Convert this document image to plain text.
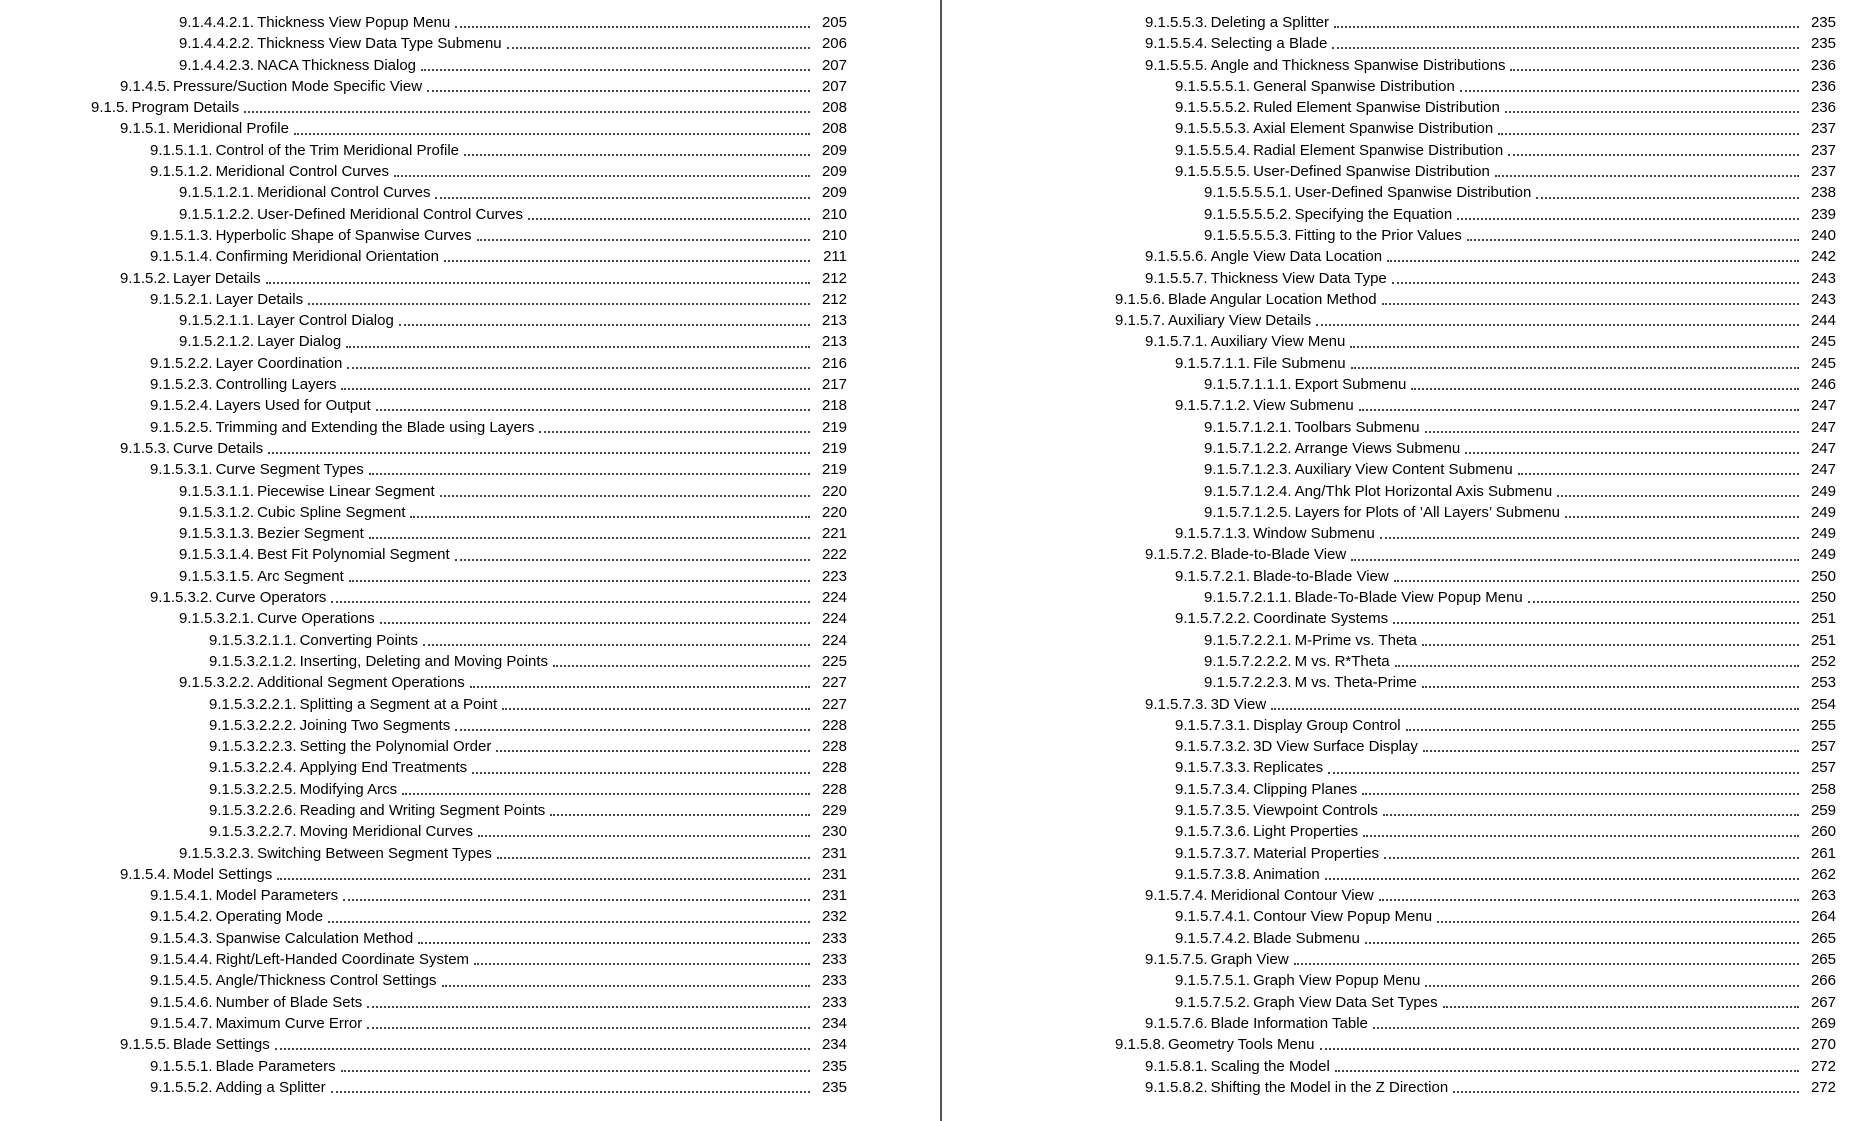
9.1.4.4.2.1. Thickness View Popup Menu	205
9.1.4.4.2.2. Thickness View Data Type Submenu	206
9.1.4.4.2.3. NACA Thickness Dialog	207
9.1.4.5. Pressure/Suction Mode Specific View	207
9.1.5. Program Details	208
9.1.5.1. Meridional Profile	208
9.1.5.1.1. Control of the Trim Meridional Profile	209
9.1.5.1.2. Meridional Control Curves	209
9.1.5.1.2.1. Meridional Control Curves	209
9.1.5.1.2.2. User-Defined Meridional Control Curves	210
9.1.5.1.3. Hyperbolic Shape of Spanwise Curves	210
9.1.5.1.4. Confirming Meridional Orientation	211
9.1.5.2. Layer Details	212
9.1.5.2.1. Layer Details	212
9.1.5.2.1.1. Layer Control Dialog	213
9.1.5.2.1.2. Layer Dialog	213
9.1.5.2.2. Layer Coordination	216
9.1.5.2.3. Controlling Layers	217
9.1.5.2.4. Layers Used for Output	218
9.1.5.2.5. Trimming and Extending the Blade using Layers	219
9.1.5.3. Curve Details	219
9.1.5.3.1. Curve Segment Types	219
9.1.5.3.1.1. Piecewise Linear Segment	220
9.1.5.3.1.2. Cubic Spline Segment	220
9.1.5.3.1.3. Bezier Segment	221
9.1.5.3.1.4. Best Fit Polynomial Segment	222
9.1.5.3.1.5. Arc Segment	223
9.1.5.3.2. Curve Operators	224
9.1.5.3.2.1. Curve Operations	224
9.1.5.3.2.1.1. Converting Points	224
9.1.5.3.2.1.2. Inserting, Deleting and Moving Points	225
9.1.5.3.2.2. Additional Segment Operations	227
9.1.5.3.2.2.1. Splitting a Segment at a Point	227
9.1.5.3.2.2.2. Joining Two Segments	228
9.1.5.3.2.2.3. Setting the Polynomial Order	228
9.1.5.3.2.2.4. Applying End Treatments	228
9.1.5.3.2.2.5. Modifying Arcs	228
9.1.5.3.2.2.6. Reading and Writing Segment Points	229
9.1.5.3.2.2.7. Moving Meridional Curves	230
9.1.5.3.2.3. Switching Between Segment Types	231
9.1.5.4. Model Settings	231
9.1.5.4.1. Model Parameters	231
9.1.5.4.2. Operating Mode	232
9.1.5.4.3. Spanwise Calculation Method	233
9.1.5.4.4. Right/Left-Handed Coordinate System	233
9.1.5.4.5. Angle/Thickness Control Settings	233
9.1.5.4.6. Number of Blade Sets	233
9.1.5.4.7. Maximum Curve Error	234
9.1.5.5. Blade Settings	234
9.1.5.5.1. Blade Parameters	235
9.1.5.5.2. Adding a Splitter	235
9.1.5.5.3. Deleting a Splitter	235
9.1.5.5.4. Selecting a Blade	235
9.1.5.5.5. Angle and Thickness Spanwise Distributions	236
9.1.5.5.5.1. General Spanwise Distribution	236
9.1.5.5.5.2. Ruled Element Spanwise Distribution	236
9.1.5.5.5.3. Axial Element Spanwise Distribution	237
9.1.5.5.5.4. Radial Element Spanwise Distribution	237
9.1.5.5.5.5. User-Defined Spanwise Distribution	237
9.1.5.5.5.5.1. User-Defined Spanwise Distribution	238
9.1.5.5.5.5.2. Specifying the Equation	239
9.1.5.5.5.5.3. Fitting to the Prior Values	240
9.1.5.5.6. Angle View Data Location	242
9.1.5.5.7. Thickness View Data Type	243
9.1.5.6. Blade Angular Location Method	243
9.1.5.7. Auxiliary View Details	244
9.1.5.7.1. Auxiliary View Menu	245
9.1.5.7.1.1. File Submenu	245
9.1.5.7.1.1.1. Export Submenu	246
9.1.5.7.1.2. View Submenu	247
9.1.5.7.1.2.1. Toolbars Submenu	247
9.1.5.7.1.2.2. Arrange Views Submenu	247
9.1.5.7.1.2.3. Auxiliary View Content Submenu	247
9.1.5.7.1.2.4. Ang/Thk Plot Horizontal Axis Submenu	249
9.1.5.7.1.2.5. Layers for Plots of ’All Layers’ Submenu	249
9.1.5.7.1.3. Window Submenu	249
9.1.5.7.2. Blade-to-Blade View	249
9.1.5.7.2.1. Blade-to-Blade View	250
9.1.5.7.2.1.1. Blade-To-Blade View Popup Menu	250
9.1.5.7.2.2. Coordinate Systems	251
9.1.5.7.2.2.1. M-Prime vs. Theta	251
9.1.5.7.2.2.2. M vs. R*Theta	252
9.1.5.7.2.2.3. M vs. Theta-Prime	253
9.1.5.7.3. 3D View	254
9.1.5.7.3.1. Display Group Control	255
9.1.5.7.3.2. 3D View Surface Display	257
9.1.5.7.3.3. Replicates	257
9.1.5.7.3.4. Clipping Planes	258
9.1.5.7.3.5. Viewpoint Controls	259
9.1.5.7.3.6. Light Properties	260
9.1.5.7.3.7. Material Properties	261
9.1.5.7.3.8. Animation	262
9.1.5.7.4. Meridional Contour View	263
9.1.5.7.4.1. Contour View Popup Menu	264
9.1.5.7.4.2. Blade Submenu	265
9.1.5.7.5. Graph View	265
9.1.5.7.5.1. Graph View Popup Menu	266
9.1.5.7.5.2. Graph View Data Set Types	267
9.1.5.7.6. Blade Information Table	269
9.1.5.8. Geometry Tools Menu	270
9.1.5.8.1. Scaling the Model	272
9.1.5.8.2. Shifting the Model in the Z Direction	272
